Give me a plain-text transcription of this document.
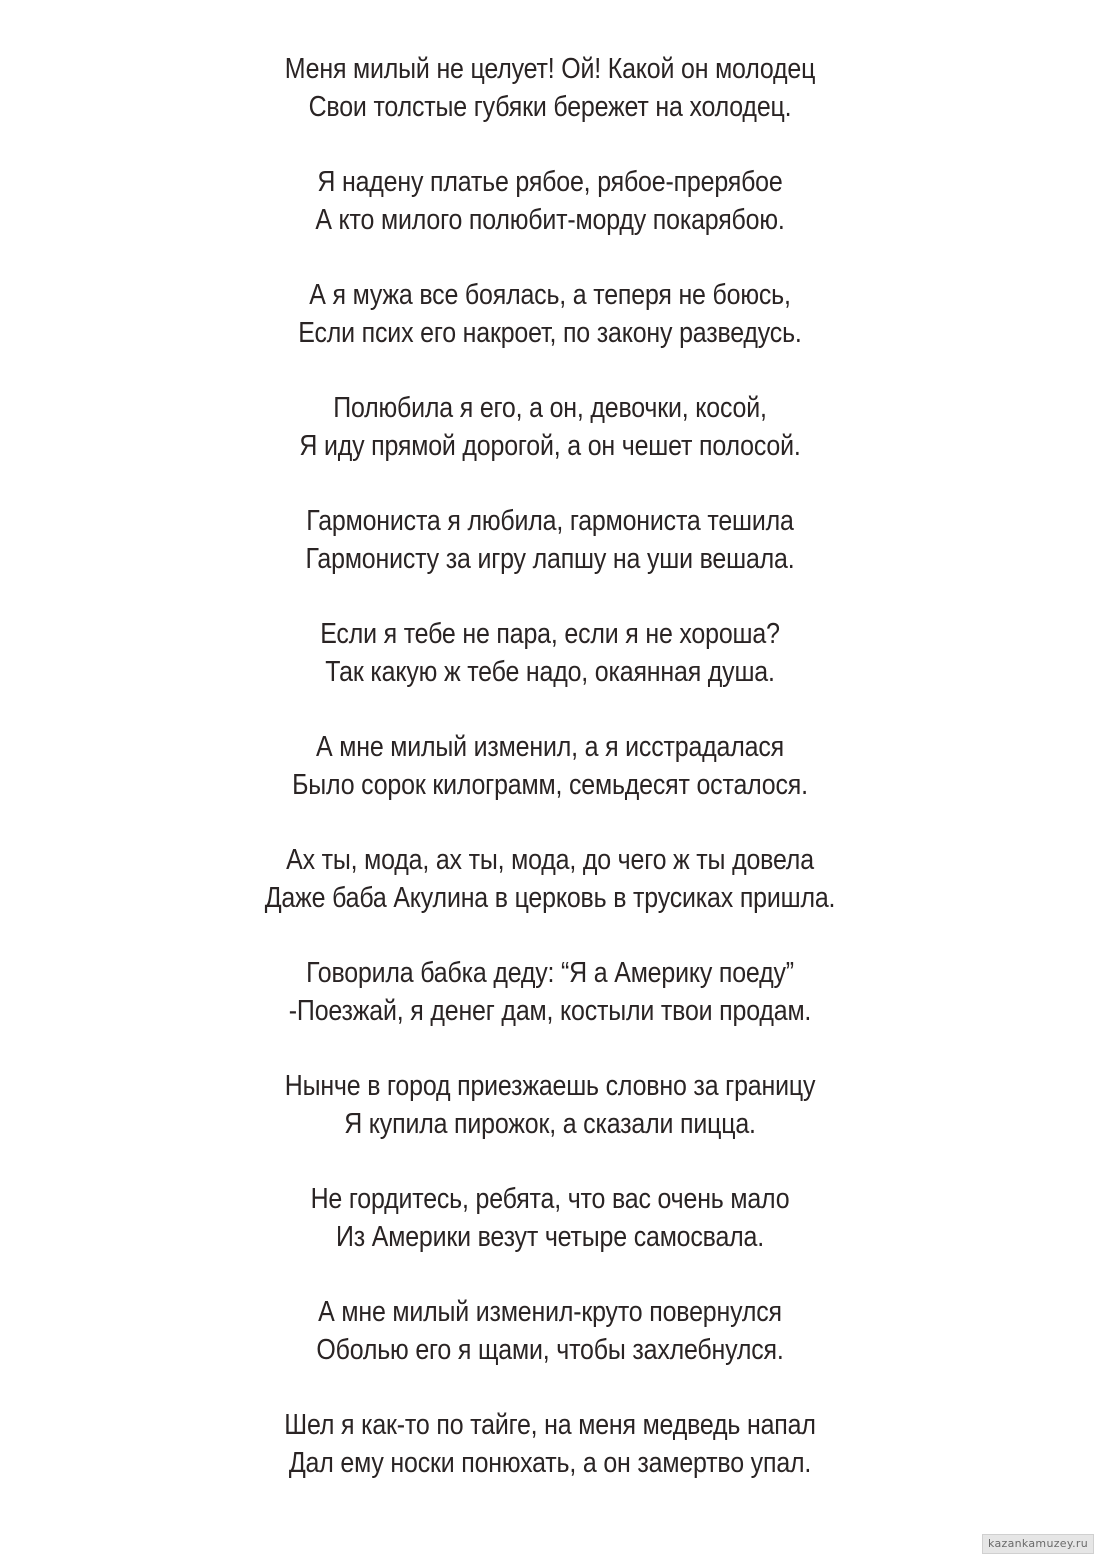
Меня милый не целует! Ой! Какой он молодец
Свои толстые губяки бережет на холодец.
Я надену платье рябое, рябое-прерябое
А кто милого полюбит-морду покарябою.
А я мужа все боялась, а теперя не боюсь,
Если псих его накроет, по закону разведусь.
Полюбила я его, а он, девочки, косой,
Я иду прямой дорогой, а он чешет полосой.
Гармониста я любила, гармониста тешила
Гармонисту за игру лапшу на уши вешала.
Если я тебе не пара, если я не хороша?
Так какую ж тебе надо, окаянная душа.
А мне милый изменил, а я исстрадалася
Было сорок килограмм, семьдесят осталося.
Ах ты, мода, ах ты, мода, до чего ж ты довела
Даже баба Акулина в церковь в трусиках пришла.
Говорила бабка деду: “Я а Америку поеду”
-Поезжай, я денег дам, костыли твои продам.
Нынче в город приезжаешь словно за границу
Я купила пирожок, а сказали пицца.
Не гордитесь, ребята, что вас очень мало
Из Америки везут четыре самосвала.
А мне милый изменил-круто повернулся
Оболью его я щами, чтобы захлебнулся.
Шел я как-то по тайге, на меня медведь напал
Дал ему носки понюхать, а он замертво упал.
kazankamuzey.ru
